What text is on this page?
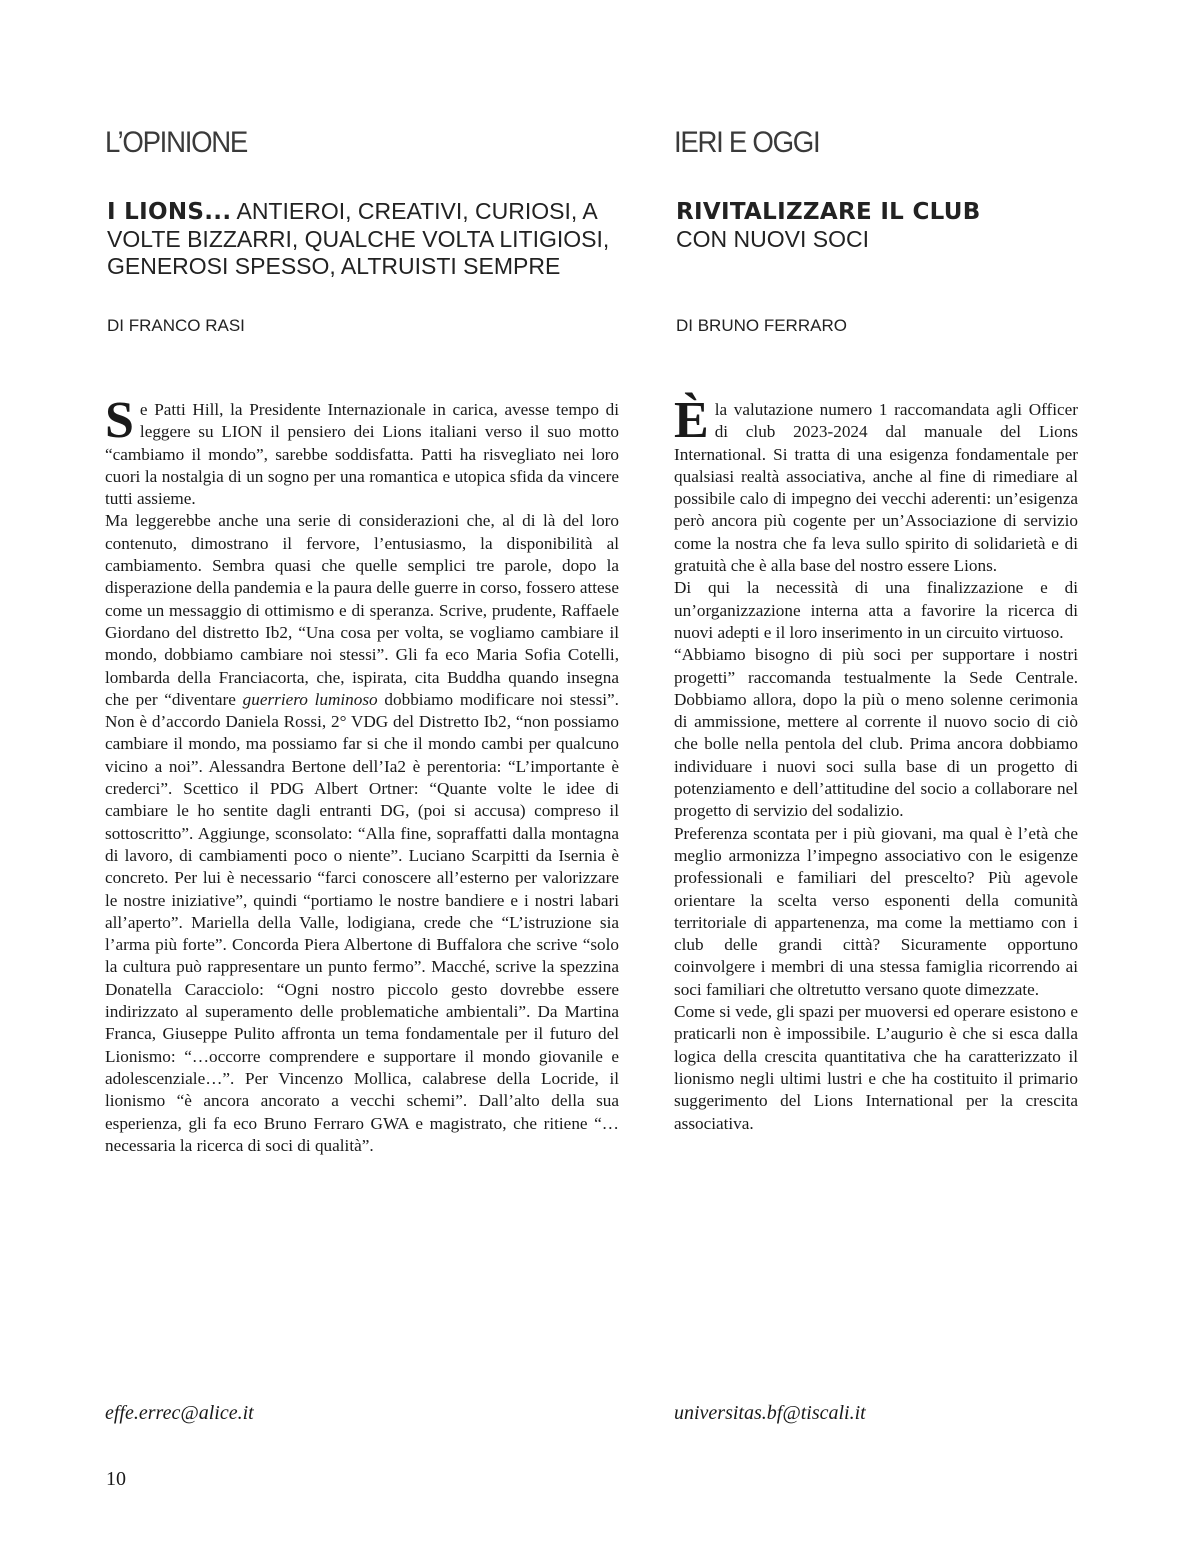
L’OPINIONE
I LIONS... ANTIEROI, CREATIVI, CURIOSI, A VOLTE BIZZARRI, QUALCHE VOLTA LITIGIOSI, GENEROSI SPESSO, ALTRUISTI SEMPRE
DI FRANCO RASI

Se Patti Hill, la Presidente Internazionale in carica, avesse tempo di leggere su LION il pensiero dei Lions italiani verso il suo motto “cambiamo il mondo”, sarebbe soddisfatta. Patti ha risvegliato nei loro cuori la nostalgia di un sogno per una romantica e utopica sfida da vincere tutti assieme.

Ma leggerebbe anche una serie di considerazioni che, al di là del loro contenuto, dimostrano il fervore, l’entusiasmo, la disponibilità al cambiamento. Sembra quasi che quelle semplici tre parole, dopo la disperazione della pandemia e la paura delle guerre in corso, fossero attese come un messaggio di ottimismo e di speranza. Scrive, prudente, Raffaele Giordano del distretto Ib2, “Una cosa per volta, se vogliamo cambiare il mondo, dobbiamo cambiare noi stessi”. Gli fa eco Maria Sofia Cotelli, lombarda della Franciacorta, che, ispirata, cita Buddha quando insegna che per “diventare guerriero luminoso dobbiamo modificare noi stessi”. Non è d’accordo Daniela Rossi, 2° VDG del Distretto Ib2, “non possiamo cambiare il mondo, ma possiamo far si che il mondo cambi per qualcuno vicino a noi”. Alessandra Bertone dell’Ia2 è perentoria: “L’importante è crederci”. Scettico il PDG Albert Ortner: “Quante volte le idee di cambiare le ho sentite dagli entranti DG, (poi si accusa) compreso il sottoscritto”. Aggiunge, sconsolato: “Alla fine, sopraffatti dalla montagna di lavoro, di cambiamenti poco o niente”. Luciano Scarpitti da Isernia è concreto. Per lui è necessario “farci conoscere all’esterno per valorizzare le nostre iniziative”, quindi “portiamo le nostre bandiere e i nostri labari all’aperto”. Mariella della Valle, lodigiana, crede che “L’istruzione sia l’arma più forte”. Concorda Piera Albertone di Buffalora che scrive “solo la cultura può rappresentare un punto fermo”. Macché, scrive la spezzina Donatella Caracciolo: “Ogni nostro piccolo gesto dovrebbe essere indirizzato al superamento delle problematiche ambientali”. Da Martina Franca, Giuseppe Pulito affronta un tema fondamentale per il futuro del Lionismo: “…occorre comprendere e supportare il mondo giovanile e adolescenziale…”. Per Vincenzo Mollica, calabrese della Locride, il lionismo “è ancora ancorato a vecchi schemi”. Dall’alto della sua esperienza, gli fa eco Bruno Ferraro GWA e magistrato, che ritiene “…necessaria la ricerca di soci di qualità”.

effe.errec@alice.it
IERI E OGGI
RIVITALIZZARE IL CLUB
CON NUOVI SOCI
DI BRUNO FERRARO

Èla valutazione numero 1 raccomandata agli Officer di club 2023-2024 dal manuale del Lions International. Si tratta di una esigenza fondamentale per qualsiasi realtà associativa, anche al fine di rimediare al possibile calo di impegno dei vecchi aderenti: un’esigenza però ancora più cogente per un’Associazione di servizio come la nostra che fa leva sullo spirito di solidarietà e di gratuità che è alla base del nostro essere Lions.

Di qui la necessità di una finalizzazione e di un’organizzazione interna atta a favorire la ricerca di nuovi adepti e il loro inserimento in un circuito virtuoso.

“Abbiamo bisogno di più soci per supportare i nostri progetti” raccomanda testualmente la Sede Centrale. Dobbiamo allora, dopo la più o meno solenne cerimonia di ammissione, mettere al corrente il nuovo socio di ciò che bolle nella pentola del club. Prima ancora dobbiamo individuare i nuovi soci sulla base di un progetto di potenziamento e dell’attitudine del socio a collaborare nel progetto di servizio del sodalizio.

Preferenza scontata per i più giovani, ma qual è l’età che meglio armonizza l’impegno associativo con le esigenze professionali e familiari del prescelto? Più agevole orientare la scelta verso esponenti della comunità territoriale di appartenenza, ma come la mettiamo con i club delle grandi città? Sicuramente opportuno coinvolgere i membri di una stessa famiglia ricorrendo ai soci familiari che oltretutto versano quote dimezzate.

Come si vede, gli spazi per muoversi ed operare esistono e praticarli non è impossibile. L’augurio è che si esca dalla logica della crescita quantitativa che ha caratterizzato il lionismo negli ultimi lustri e che ha costituito il primario suggerimento del Lions International per la crescita associativa.

universitas.bf@tiscali.it
10
